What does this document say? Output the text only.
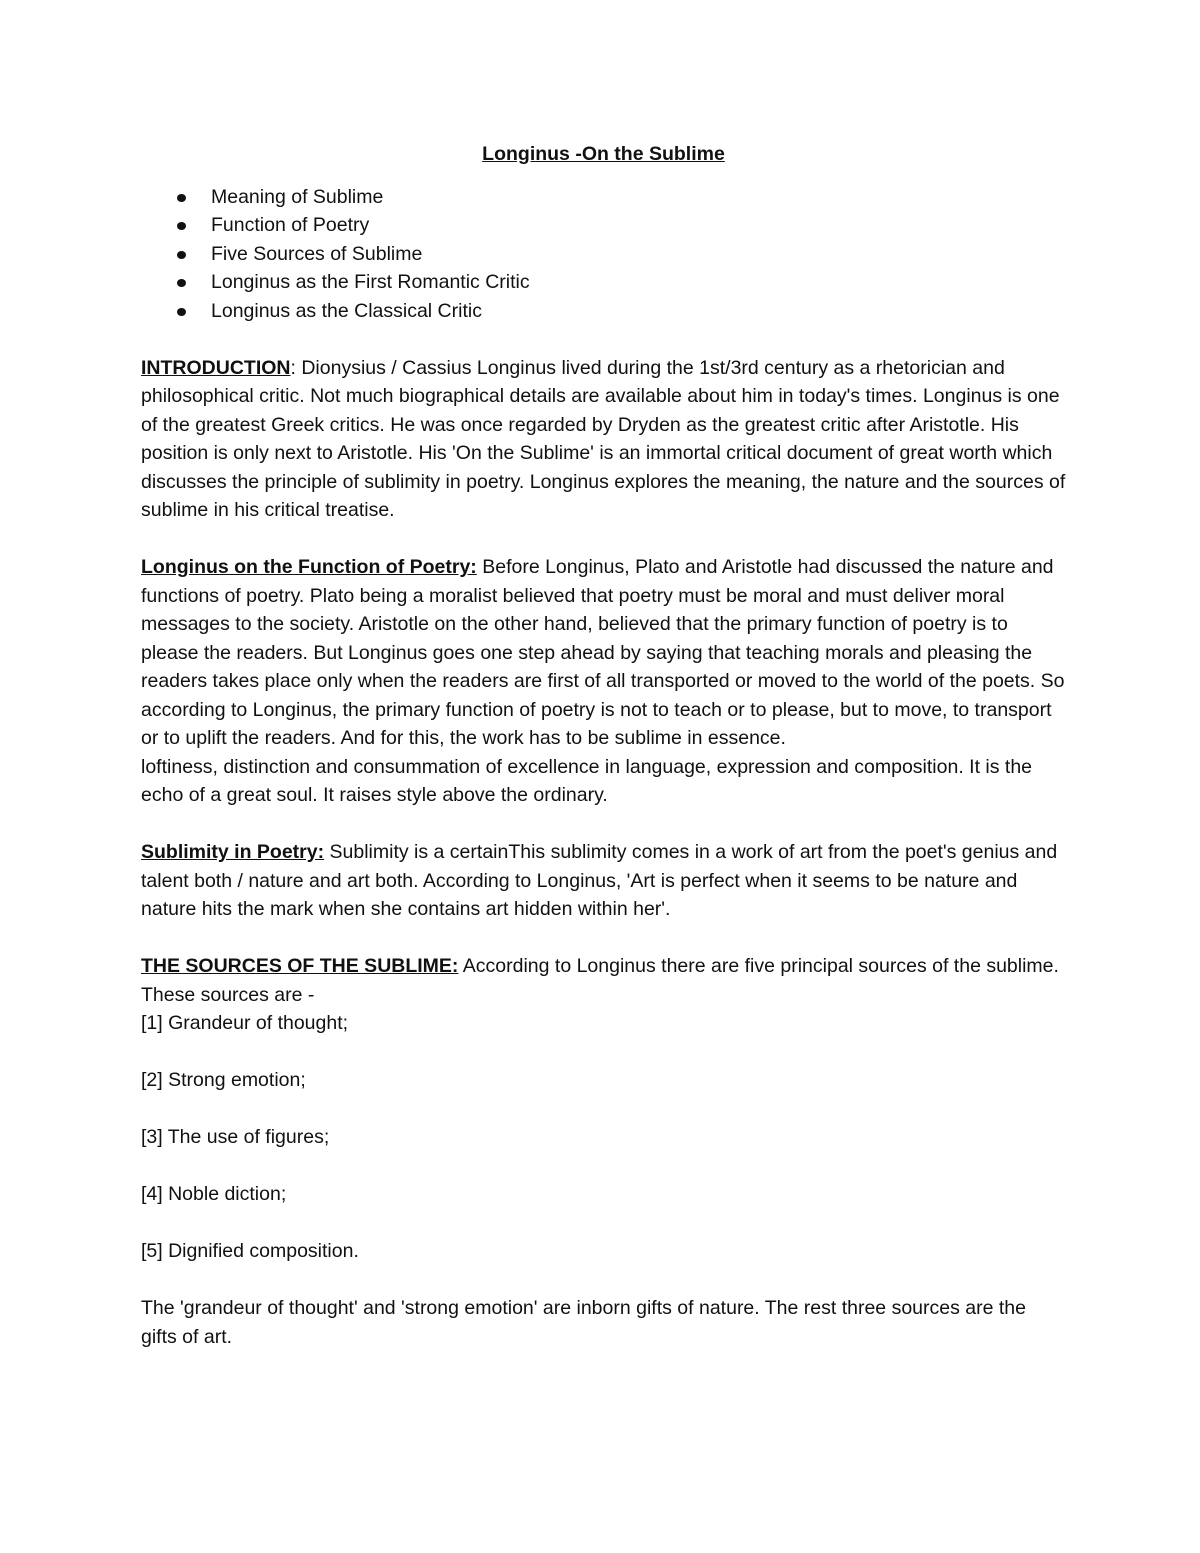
Longinus -On the Sublime
Meaning of Sublime
Function of Poetry
Five Sources of Sublime
Longinus as the First Romantic Critic
Longinus as the Classical Critic

INTRODUCTION: Dionysius / Cassius Longinus lived during the 1st/3rd century as a rhetorician and philosophical critic. Not much biographical details are available about him in today's times. Longinus is one of the greatest Greek critics. He was once regarded by Dryden as the greatest critic after Aristotle. His position is only next to Aristotle. His 'On the Sublime' is an immortal critical document of great worth which discusses the principle of sublimity in poetry. Longinus explores the meaning, the nature and the sources of sublime in his critical treatise.

Longinus on the Function of Poetry: Before Longinus, Plato and Aristotle had discussed the nature and functions of poetry. Plato being a moralist believed that poetry must be moral and must deliver moral messages to the society. Aristotle on the other hand, believed that the primary function of poetry is to please the readers. But Longinus goes one step ahead by saying that teaching morals and pleasing the readers takes place only when the readers are first of all transported or moved to the world of the poets. So according to Longinus, the primary function of poetry is not to teach or to please, but to move, to transport or to uplift the readers. And for this, the work has to be sublime in essence.
loftiness, distinction and consummation of excellence in language, expression and composition. It is the echo of a great soul. It raises style above the ordinary.

Sublimity in Poetry: Sublimity is a certainThis sublimity comes in a work of art from the poet's genius and talent both / nature and art both. According to Longinus, 'Art is perfect when it seems to be nature and nature hits the mark when she contains art hidden within her'.

THE SOURCES OF THE SUBLIME: According to Longinus there are five principal sources of the sublime. These sources are -
[1] Grandeur of thought;
[2] Strong emotion;
[3] The use of figures;
[4] Noble diction;
[5] Dignified composition.

The 'grandeur of thought' and 'strong emotion' are inborn gifts of nature. The rest three sources are the gifts of art.
